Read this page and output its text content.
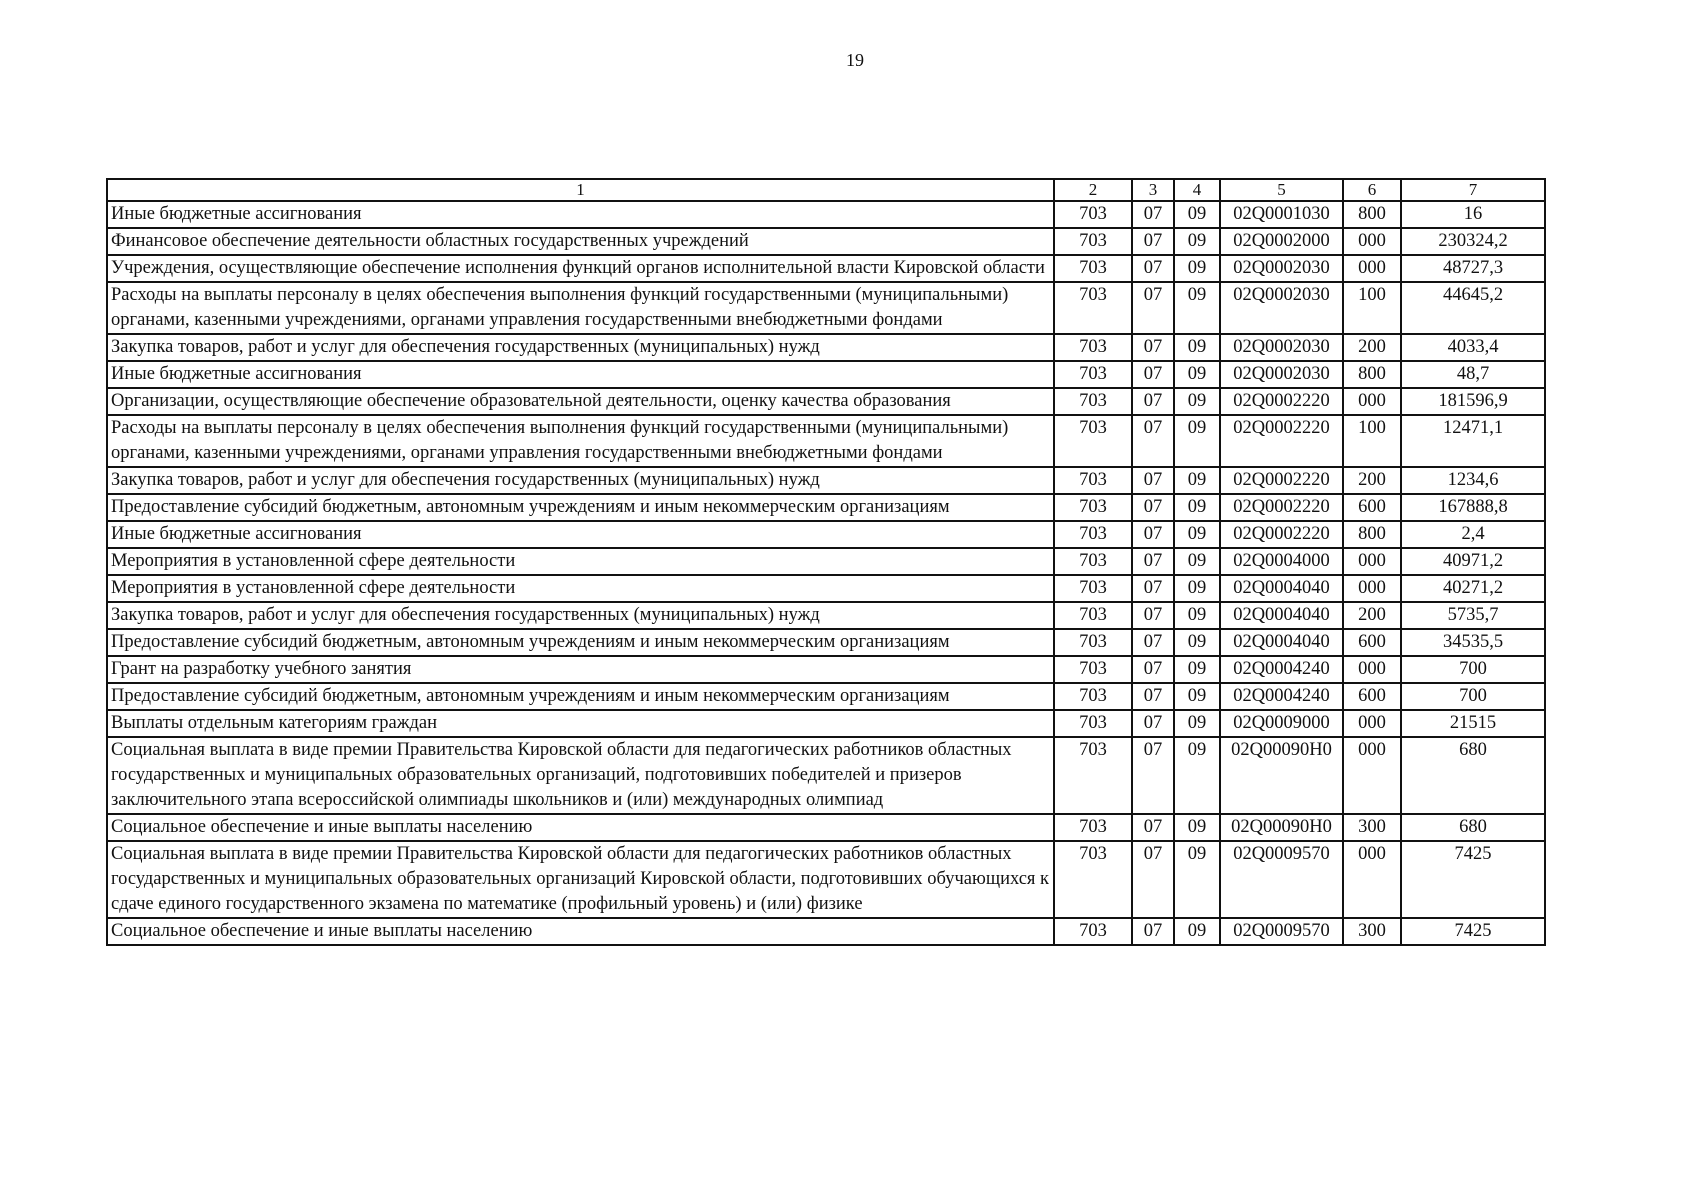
19
1	2	3	4	5	6	7
Иные бюджетные ассигнования	703	07	09	02Q0001030	800	16
Финансовое обеспечение деятельности областных государственных учреждений	703	07	09	02Q0002000	000	230324,2
Учреждения, осуществляющие обеспечение исполнения функций органов исполнительной власти Кировской области	703	07	09	02Q0002030	000	48727,3
Расходы на выплаты персоналу в целях обеспечения выполнения функций государственными (муниципальными) органами, казенными учреждениями, органами управления государственными внебюджетными фондами	703	07	09	02Q0002030	100	44645,2
Закупка товаров, работ и услуг для обеспечения государственных (муниципальных) нужд	703	07	09	02Q0002030	200	4033,4
Иные бюджетные ассигнования	703	07	09	02Q0002030	800	48,7
Организации, осуществляющие обеспечение образовательной деятельности, оценку качества образования	703	07	09	02Q0002220	000	181596,9
Расходы на выплаты персоналу в целях обеспечения выполнения функций государственными (муниципальными) органами, казенными учреждениями, органами управления государственными внебюджетными фондами	703	07	09	02Q0002220	100	12471,1
Закупка товаров, работ и услуг для обеспечения государственных (муниципальных) нужд	703	07	09	02Q0002220	200	1234,6
Предоставление субсидий бюджетным, автономным учреждениям и иным некоммерческим организациям	703	07	09	02Q0002220	600	167888,8
Иные бюджетные ассигнования	703	07	09	02Q0002220	800	2,4
Мероприятия в установленной сфере деятельности	703	07	09	02Q0004000	000	40971,2
Мероприятия в установленной сфере деятельности	703	07	09	02Q0004040	000	40271,2
Закупка товаров, работ и услуг для обеспечения государственных (муниципальных) нужд	703	07	09	02Q0004040	200	5735,7
Предоставление субсидий бюджетным, автономным учреждениям и иным некоммерческим организациям	703	07	09	02Q0004040	600	34535,5
Грант на разработку учебного занятия	703	07	09	02Q0004240	000	700
Предоставление субсидий бюджетным, автономным учреждениям и иным некоммерческим организациям	703	07	09	02Q0004240	600	700
Выплаты отдельным категориям граждан	703	07	09	02Q0009000	000	21515
Социальная выплата в виде премии Правительства Кировской области для педагогических работников областных государственных и муниципальных образовательных организаций, подготовивших победителей и призеров заключительного этапа всероссийской олимпиады школьников и (или) международных олимпиад	703	07	09	02Q00090H0	000	680
Социальное обеспечение и иные выплаты населению	703	07	09	02Q00090H0	300	680
Социальная выплата в виде премии Правительства Кировской области для педагогических работников областных государственных и муниципальных образовательных организаций Кировской области, подготовивших обучающихся к сдаче единого государственного экзамена по математике (профильный уровень) и (или) физике	703	07	09	02Q0009570	000	7425
Социальное обеспечение и иные выплаты населению	703	07	09	02Q0009570	300	7425
